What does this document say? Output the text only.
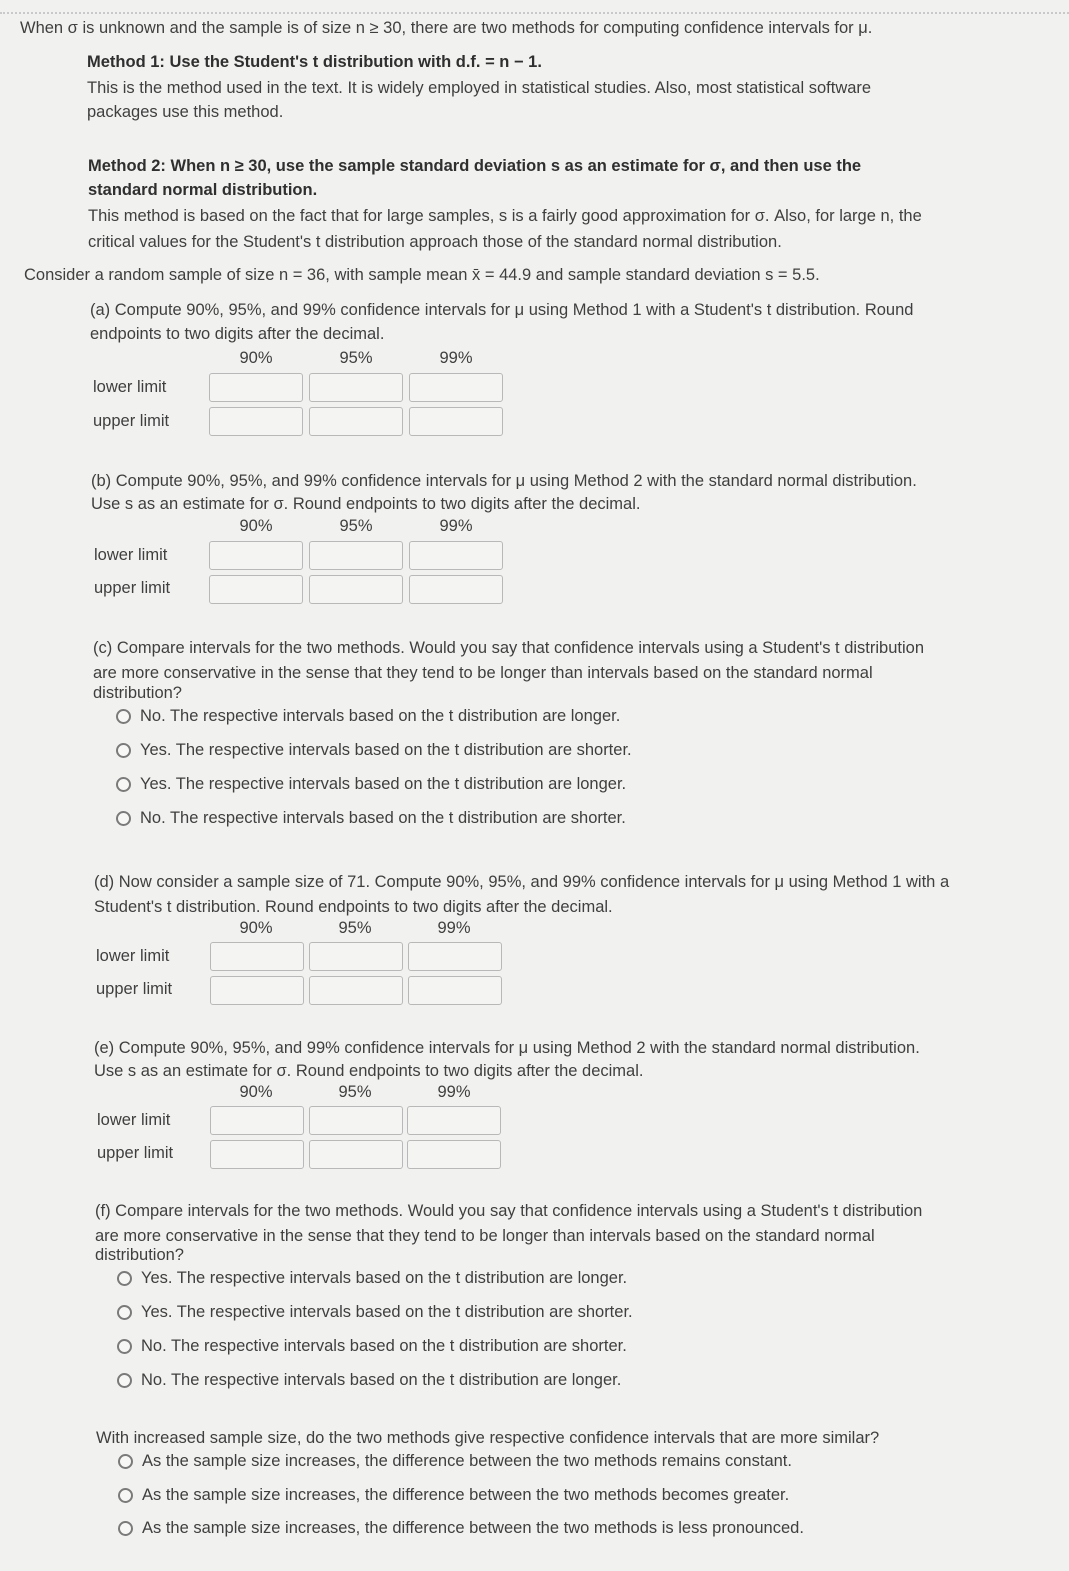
When σ is unknown and the sample is of size n ≥ 30, there are two methods for computing confidence intervals for μ.
Method 1: Use the Student's t distribution with d.f. = n − 1.
This is the method used in the text. It is widely employed in statistical studies. Also, most statistical software
packages use this method.
Method 2: When n ≥ 30, use the sample standard deviation s as an estimate for σ, and then use the
standard normal distribution.
This method is based on the fact that for large samples, s is a fairly good approximation for σ. Also, for large n, the
critical values for the Student's t distribution approach those of the standard normal distribution.
Consider a random sample of size n = 36, with sample mean x̄ = 44.9 and sample standard deviation s = 5.5.
(a) Compute 90%, 95%, and 99% confidence intervals for μ using Method 1 with a Student's t distribution. Round
endpoints to two digits after the decimal.
90%	95%	99%
lower limit
upper limit
(b) Compute 90%, 95%, and 99% confidence intervals for μ using Method 2 with the standard normal distribution.
Use s as an estimate for σ. Round endpoints to two digits after the decimal.
90%	95%	99%
lower limit
upper limit
(c) Compare intervals for the two methods. Would you say that confidence intervals using a Student's t distribution
are more conservative in the sense that they tend to be longer than intervals based on the standard normal
distribution?
No. The respective intervals based on the t distribution are longer.
Yes. The respective intervals based on the t distribution are shorter.
Yes. The respective intervals based on the t distribution are longer.
No. The respective intervals based on the t distribution are shorter.
(d) Now consider a sample size of 71. Compute 90%, 95%, and 99% confidence intervals for μ using Method 1 with a
Student's t distribution. Round endpoints to two digits after the decimal.
90%	95%	99%
lower limit
upper limit
(e) Compute 90%, 95%, and 99% confidence intervals for μ using Method 2 with the standard normal distribution.
Use s as an estimate for σ. Round endpoints to two digits after the decimal.
90%	95%	99%
lower limit
upper limit
(f) Compare intervals for the two methods. Would you say that confidence intervals using a Student's t distribution
are more conservative in the sense that they tend to be longer than intervals based on the standard normal
distribution?
Yes. The respective intervals based on the t distribution are longer.
Yes. The respective intervals based on the t distribution are shorter.
No. The respective intervals based on the t distribution are shorter.
No. The respective intervals based on the t distribution are longer.
With increased sample size, do the two methods give respective confidence intervals that are more similar?
As the sample size increases, the difference between the two methods remains constant.
As the sample size increases, the difference between the two methods becomes greater.
As the sample size increases, the difference between the two methods is less pronounced.
